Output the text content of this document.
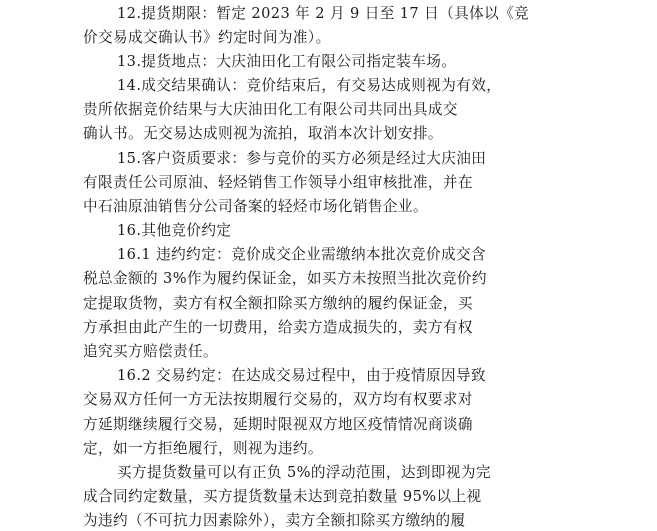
12.提货期限：暂定 2023 年 2 月 9 日至 17 日（具体以《竞
价交易成交确认书》约定时间为准）。
13.提货地点：大庆油田化工有限公司指定装车场。
14.成交结果确认：竞价结束后，有交易达成则视为有效，
贵所依据竞价结果与大庆油田化工有限公司共同出具成交
确认书。无交易达成则视为流拍，取消本次计划安排。
15.客户资质要求：参与竞价的买方必须是经过大庆油田
有限责任公司原油、轻烃销售工作领导小组审核批准，并在
中石油原油销售分公司备案的轻烃市场化销售企业。
16.其他竞价约定
16.1 违约约定：竞价成交企业需缴纳本批次竞价成交含
税总金额的 3%作为履约保证金，如买方未按照当批次竞价约
定提取货物，卖方有权全额扣除买方缴纳的履约保证金，买
方承担由此产生的一切费用，给卖方造成损失的，卖方有权
追究买方赔偿责任。
16.2 交易约定：在达成交易过程中，由于疫情原因导致
交易双方任何一方无法按期履行交易的，双方均有权要求对
方延期继续履行交易，延期时限视双方地区疫情情况商谈确
定，如一方拒绝履行，则视为违约。
买方提货数量可以有正负 5%的浮动范围，达到即视为完
成合同约定数量，买方提货数量未达到竞拍数量 95%以上视
为违约（不可抗力因素除外），卖方全额扣除买方缴纳的履
